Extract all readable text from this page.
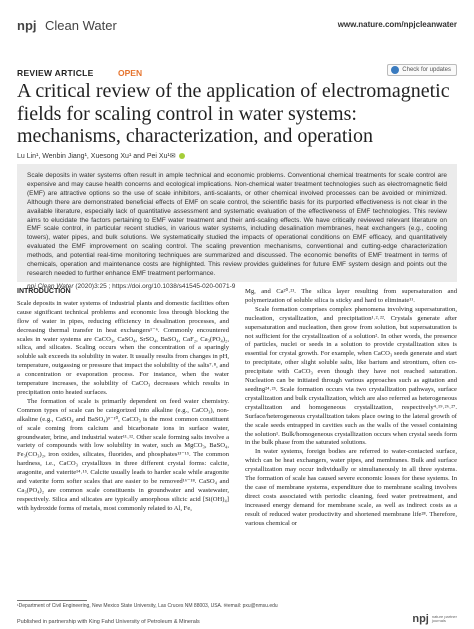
npj Clean Water	www.nature.com/npjcleanwater
REVIEW ARTICLE	OPEN	Check for updates
A critical review of the application of electromagnetic fields for scaling control in water systems: mechanisms, characterization, and operation
Lu Lin¹, Wenbin Jiang¹, Xuesong Xu¹ and Pei Xu¹✉
Scale deposits in water systems often result in ample technical and economic problems. Conventional chemical treatments for scale control are expensive and may cause health concerns and ecological implications. Non-chemical water treatment technologies such as electromagnetic field (EMF) are attractive options so the use of scale inhibitors, anti-scalants, or other chemical involved processes can be avoided or minimized. Although there are demonstrated beneficial effects of EMF on scale control, the scientific basis for its purported effectiveness is not clear in the available literature, especially lack of quantitative assessment and systematic evaluation of the effectiveness of EMF technologies. This review aims to elucidate the factors pertaining to EMF water treatment and their anti-scaling effects. We have critically reviewed relevant literature on EMF scale control, in particular recent studies, in various water systems, including desalination membranes, heat exchangers (e.g., cooling towers), water pipes, and bulk solutions. We systematically studied the impacts of operational conditions on EMF efficacy, and quantitatively evaluated the EMF improvement on scaling control. The scaling prevention mechanisms, conventional and cutting-edge characterization methods, and potential real-time monitoring techniques are summarized and discussed. The economic benefits of EMF treatment in terms of chemicals, operation and maintenance costs are highlighted. This review provides guidelines for future EMF system design and points out the research needed to further enhance EMF treatment performance.
npj Clean Water (2020)3:25 ; https://doi.org/10.1038/s41545-020-0071-9
INTRODUCTION

Scale deposits in water systems of industrial plants and domestic facilities often cause significant technical problems and economic loss through blocking the flow of water in pipes, reducing efficiency in desalination processes, and decreasing thermal transfer in heat exchangers¹⁻⁶. Commonly encountered scales in water systems are CaCO₃, CaSO₄, SrSO₄, BaSO₄, CaF₂, Ca₃(PO₄)₂, silica, and silicates. Scaling occurs when the concentration of a sparingly soluble salt exceeds its solubility in water. It usually results from changes in pH, temperature, outgassing or pressure that impact the solubility of the salts⁷˒⁸, and a concentration or evaporation process. For instance, when the water temperature increases, the solubility of CaCO₃ decreases which results in precipitation onto heated surfaces.

The formation of scale is primarily dependent on feed water chemistry. Common types of scale can be categorized into alkaline (e.g., CaCO₃), non-alkaline (e.g., CaSO₄ and BaSO₄)⁹⁻¹⁰, CaCO₃ is the most common constituent of scale coming from calcium and bicarbonate ions in surface water, groundwater, brine, and industrial water¹¹˒¹². Other scale forming salts involve a variety of compounds with low solubility in water, such as MgCO₃, BaSO₄, Fe₃(CO₃)₂, iron oxides, silicates, fluorides, and phosphates¹³⁻¹⁵. The common hardness, i.e., CaCO₃ crystallizes in three different crystal forms: calcite, aragonite, and vaterite¹⁴˒¹⁵. Calcite usually leads to harder scale while aragonite and vaterite form softer scales that are easier to be removed¹⁶⁻¹⁸. CaSO₄ and Ca₃(PO₄)₂ are common scale constituents in groundwater and wastewater, respectively. Silica and silicates are typically amorphous silicic acid [Si(OH)₄] with hydroxide forms of metals, most commonly related to Al, Fe,

Mg, and Ca²⁰˒²¹. The silica layer resulting from supersaturation and polymerization of soluble silica is sticky and hard to eliminate¹¹.

Scale formation comprises complex phenomena involving supersaturation, nucleation, crystallization, and precipitation¹˒²˒²². Crystals generate after supersaturation and nucleation, then grow from solution, but supersaturation is not sufficient for the crystallization of a solution². In other words, the presence of particles, nuclei or seeds in a solution to provide crystallization sites is essential for crystal growth. For example, when CaCO₃ seeds generate and start to precipitate, other slight soluble salts, like barium and strontium, often co-precipitate with CaCO₃ even though they have not reached saturation. Nucleation can be initiated through various approaches such as agitation and seeding²⁴˒²⁵. Scale formation occurs via two crystallization pathways, surface crystallization and bulk crystallization, which are also referred as heterogeneous crystallization and homogeneous crystallization, respectively⁴˒¹⁹˒²⁶˒²⁷. Surface/heterogeneous crystallization takes place owing to the lateral growth of the scale seeds entrapped in cavities such as the walls of the vessel containing the solution¹. Bulk/homogeneous crystallization occurs when crystal seeds form in the bulk phase from the saturated solutions.

In water systems, foreign bodies are referred to water-contacted surface, which can be heat exchangers, water pipes, and membranes. Bulk and surface crystallization may occur individually or simultaneously in all three systems. The formation of scale has caused severe economic losses for these systems. In the case of membrane systems, expenditure due to membrane scaling involves direct costs associated with periodic cleaning, feed water pretreatment, and increased energy demand for membrane scale, as well as indirect costs as a result of reduced water productivity and shortened membrane life²⁸. Therefore, various chemical or

¹Department of Civil Engineering, New Mexico State University, Las Cruces NM 88003, USA. ✉email: pxu@nmsu.edu
Published in partnership with King Fahd University of Petroleum & Minerals	npj nature partner
journals
